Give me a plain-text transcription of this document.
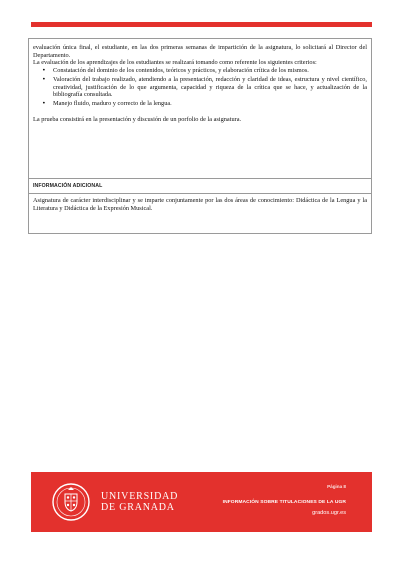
evaluación única final, el estudiante, en las dos primeras semanas de impartición de la asignatura, lo solicitará al Director del Departamento.

La evaluación de los aprendizajes de los estudiantes se realizará tomando como referente los siguientes criterios:

• Constatación del dominio de los contenidos, teóricos y prácticos, y elaboración crítica de los mismos.
• Valoración del trabajo realizado, atendiendo a la presentación, redacción y claridad de ideas, estructura y nivel científico, creatividad, justificación de lo que argumenta, capacidad y riqueza de la crítica que se hace, y actualización de la bibliografía consultada.
• Manejo fluido, maduro y correcto de la lengua.

La prueba consistirá en la presentación y discusión de un porfolio de la asignatura.

INFORMACIÓN ADICIONAL
Asignatura de carácter interdisciplinar y se imparte conjuntamente por las dos áreas de conocimiento: Didáctica de la Lengua y la Literatura y Didáctica de la Expresión Musical.
UNIVERSIDAD
DE GRANADA
Página 8
INFORMACIÓN SOBRE TITULACIONES DE LA UGR
grados.ugr.es
